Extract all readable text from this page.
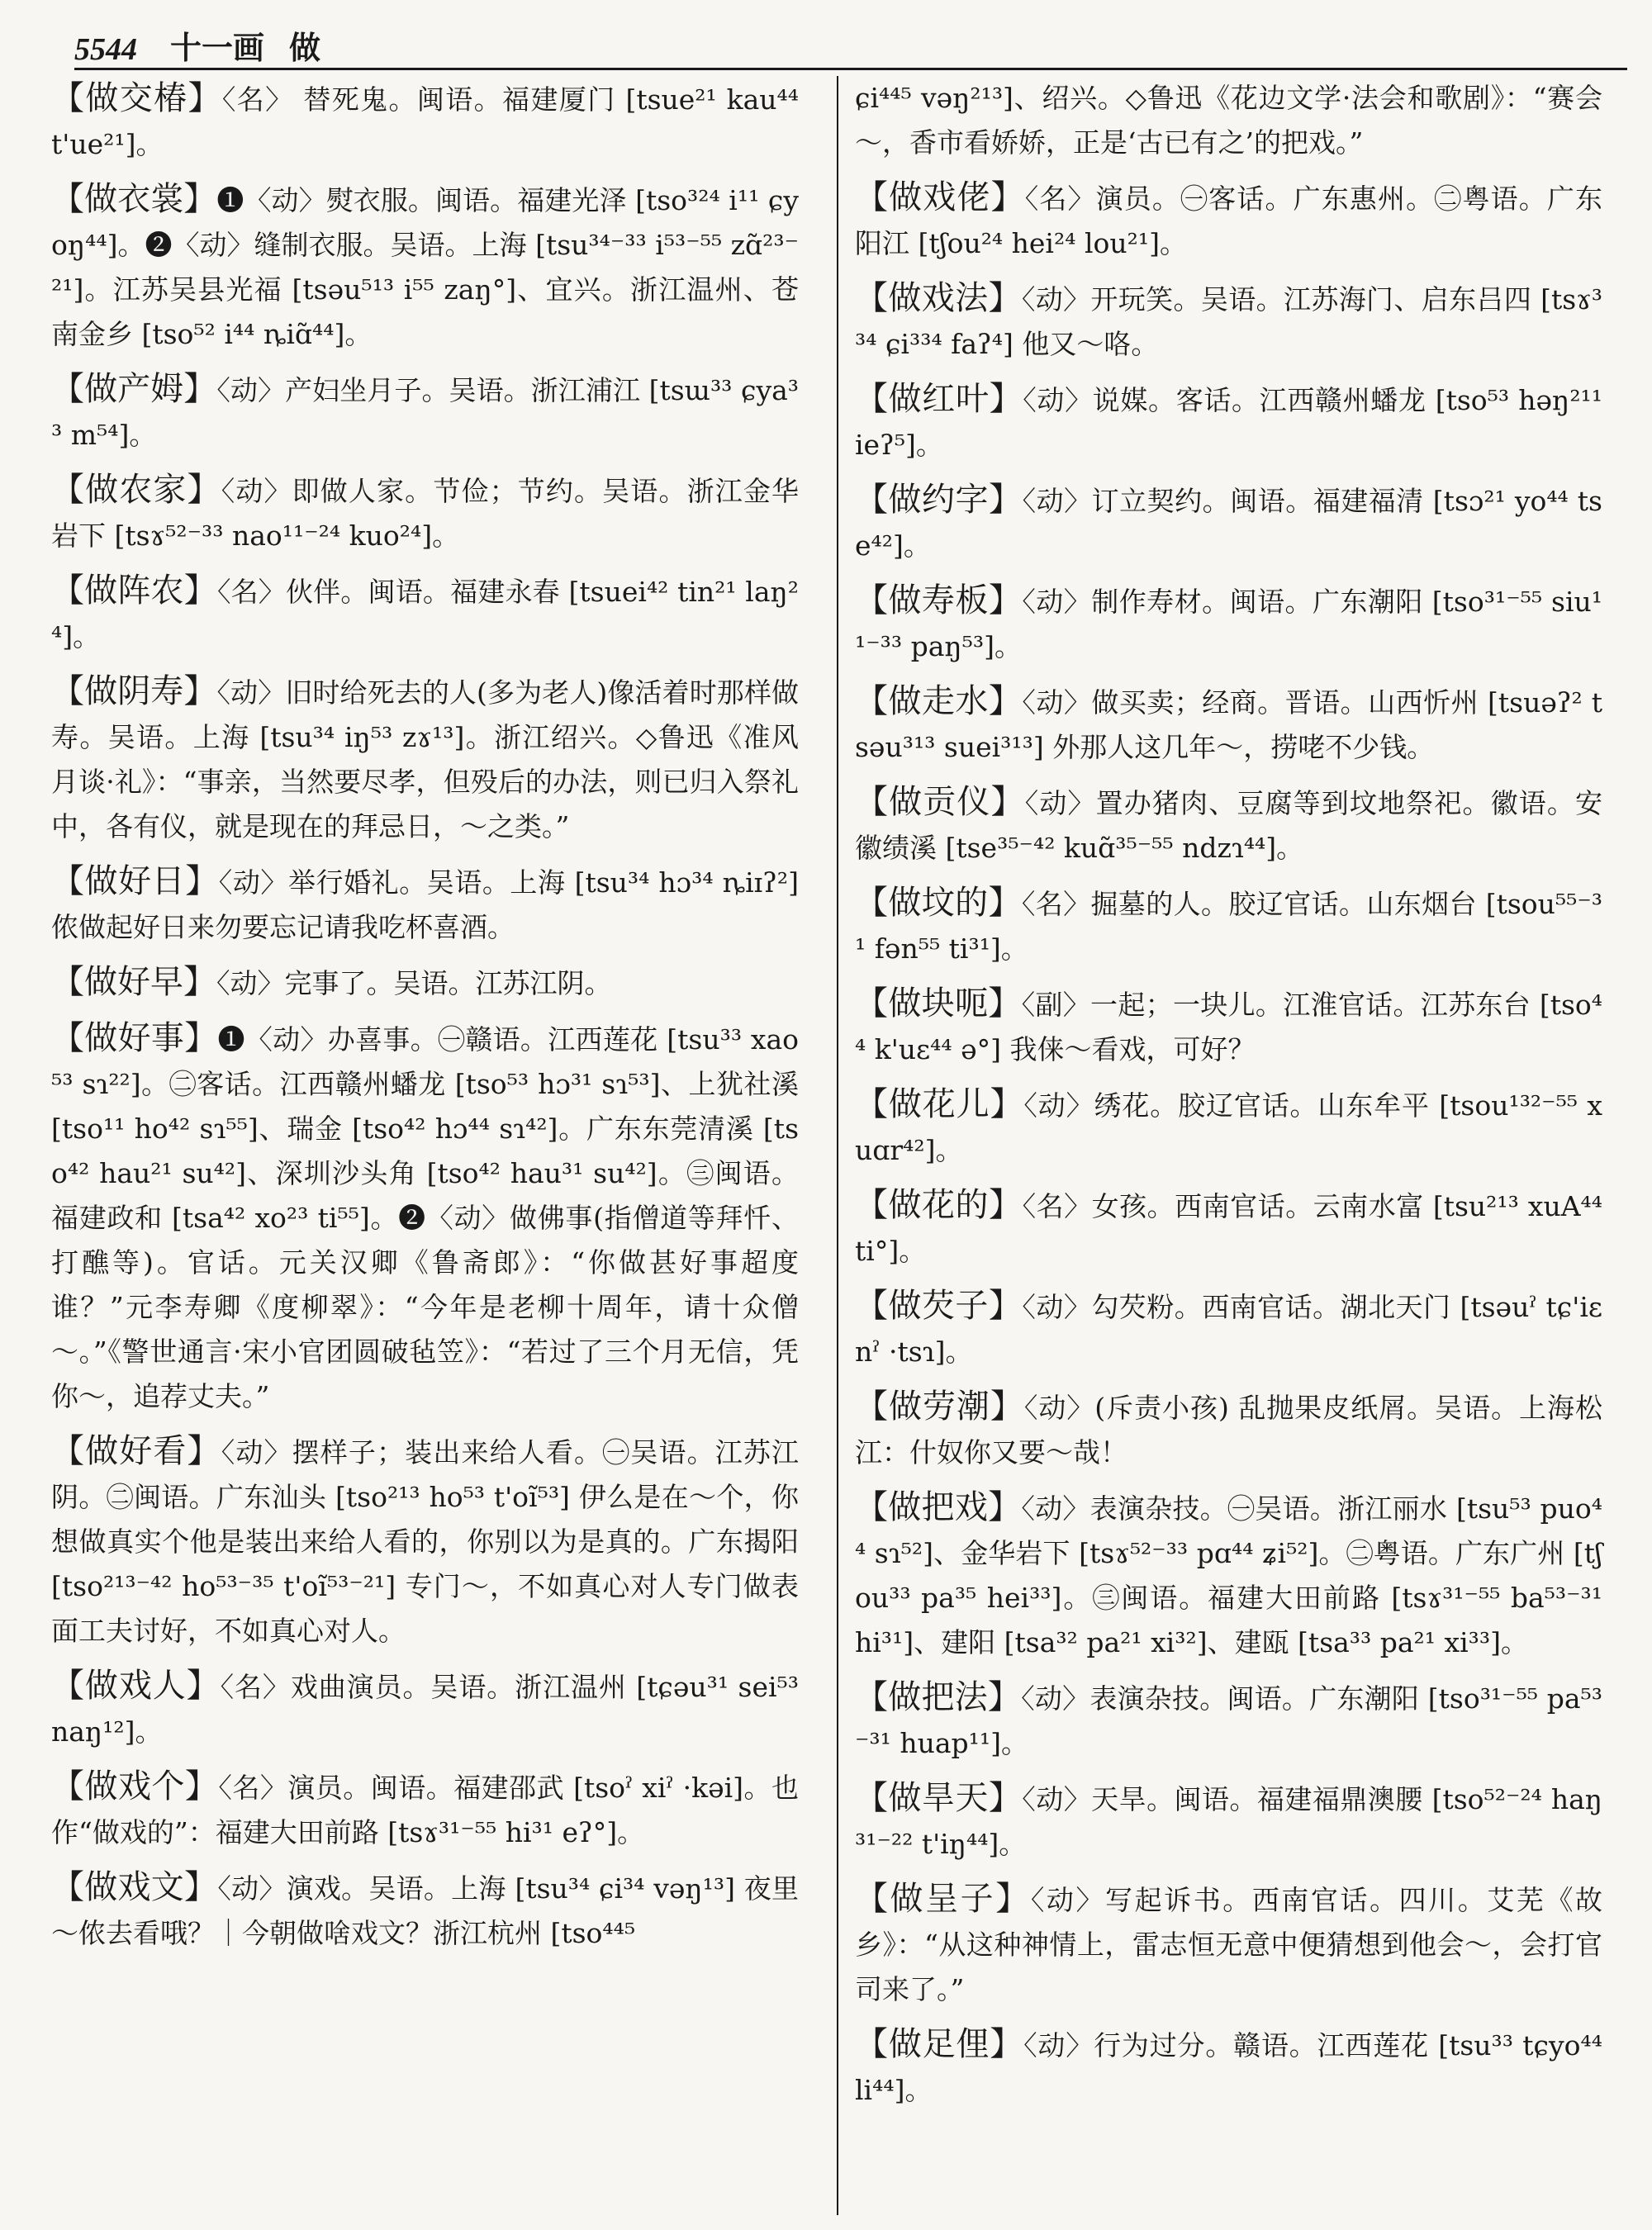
5544 十一画 做

【做交椿】〈名〉 替死鬼。闽语。福建厦门 [tsue²¹ kau⁴⁴ t'ue²¹]。

【做衣裳】❶〈动〉熨衣服。闽语。福建光泽 [tso³²⁴ i¹¹ ɕyoŋ⁴⁴]。❷〈动〉缝制衣服。吴语。上海 [tsu³⁴⁻³³ i⁵³⁻⁵⁵ zɑ̃²³⁻²¹]。江苏吴县光福 [tsəu⁵¹³ i⁵⁵ zaŋ°]、宜兴。浙江温州、苍南金乡 [tso⁵² i⁴⁴ ȵiɑ̃⁴⁴]。

【做产姆】〈动〉产妇坐月子。吴语。浙江浦江 [tsɯ³³ ɕya³³ m⁵⁴]。

【做农家】〈动〉即做人家。节俭；节约。吴语。浙江金华岩下 [tsɤ⁵²⁻³³ nao¹¹⁻²⁴ kuo²⁴]。

【做阵农】〈名〉伙伴。闽语。福建永春 [tsuei⁴² tin²¹ laŋ²⁴]。

【做阴寿】〈动〉旧时给死去的人(多为老人)像活着时那样做寿。吴语。上海 [tsu³⁴ iŋ⁵³ zɤ¹³]。浙江绍兴。◇鲁迅《准风月谈·礼》：“事亲，当然要尽孝，但殁后的办法，则已归入祭礼中，各有仪，就是现在的拜忌日，～之类。”

【做好日】〈动〉举行婚礼。吴语。上海 [tsu³⁴ hɔ³⁴ ȵiɪʔ²] 侬做起好日来勿要忘记请我吃杯喜酒。

【做好早】〈动〉完事了。吴语。江苏江阴。

【做好事】❶〈动〉办喜事。㊀赣语。江西莲花 [tsu³³ xao⁵³ sɿ²²]。㊁客话。江西赣州蟠龙 [tso⁵³ hɔ³¹ sɿ⁵³]、上犹社溪 [tso¹¹ ho⁴² sɿ⁵⁵]、瑞金 [tso⁴² hɔ⁴⁴ sɿ⁴²]。广东东莞清溪 [tso⁴² hau²¹ su⁴²]、深圳沙头角 [tso⁴² hau³¹ su⁴²]。㊂闽语。福建政和 [tsa⁴² xo²³ ti⁵⁵]。❷〈动〉做佛事(指僧道等拜忏、打醮等)。官话。元关汉卿《鲁斋郎》：“你做甚好事超度谁？”元李寿卿《度柳翠》：“今年是老柳十周年，请十众僧～。”《警世通言·宋小官团圆破毡笠》：“若过了三个月无信，凭你～，追荐丈夫。”

【做好看】〈动〉摆样子；装出来给人看。㊀吴语。江苏江阴。㊁闽语。广东汕头 [tso²¹³ ho⁵³ t'oĩ⁵³] 伊么是在～个，你想做真实个他是装出来给人看的，你别以为是真的。广东揭阳 [tso²¹³⁻⁴² ho⁵³⁻³⁵ t'oĩ⁵³⁻²¹] 专门～，不如真心对人专门做表面工夫讨好，不如真心对人。

【做戏人】〈名〉戏曲演员。吴语。浙江温州 [tɕəu³¹ sei⁵³ naŋ¹²]。

【做戏个】〈名〉演员。闽语。福建邵武 [tsoˀ xiˀ ·kəi]。也作“做戏的”：福建大田前路 [tsɤ³¹⁻⁵⁵ hi³¹ eʔ°]。

【做戏文】〈动〉演戏。吴语。上海 [tsu³⁴ ɕi³⁴ vəŋ¹³] 夜里～侬去看哦？｜今朝做啥戏文？浙江杭州 [tso⁴⁴⁵

ɕi⁴⁴⁵ vəŋ²¹³]、绍兴。◇鲁迅《花边文学·法会和歌剧》：“赛会～，香市看娇娇，正是‘古已有之’的把戏。”

【做戏佬】〈名〉演员。㊀客话。广东惠州。㊁粤语。广东阳江 [tʃou²⁴ hei²⁴ lou²¹]。

【做戏法】〈动〉开玩笑。吴语。江苏海门、启东吕四 [tsɤ³³⁴ ɕi³³⁴ faʔ⁴] 他又～咯。

【做红叶】〈动〉说媒。客话。江西赣州蟠龙 [tso⁵³ həŋ²¹¹ ieʔ⁵]。

【做约字】〈动〉订立契约。闽语。福建福清 [tsɔ²¹ yo⁴⁴ tse⁴²]。

【做寿板】〈动〉制作寿材。闽语。广东潮阳 [tso³¹⁻⁵⁵ siu¹¹⁻³³ paŋ⁵³]。

【做走水】〈动〉做买卖；经商。晋语。山西忻州 [tsuəʔ² tsəu³¹³ suei³¹³] 外那人这几年～，捞咾不少钱。

【做贡仪】〈动〉置办猪肉、豆腐等到坟地祭祀。徽语。安徽绩溪 [tse³⁵⁻⁴² kuɑ̃³⁵⁻⁵⁵ ndzɿ⁴⁴]。

【做坟的】〈名〉掘墓的人。胶辽官话。山东烟台 [tsou⁵⁵⁻³¹ fən⁵⁵ ti³¹]。

【做块呃】〈副〉一起；一块儿。江淮官话。江苏东台 [tso⁴⁴ k'uɛ⁴⁴ ə°] 我俫～看戏，可好？

【做花儿】〈动〉绣花。胶辽官话。山东牟平 [tsou¹³²⁻⁵⁵ xuɑr⁴²]。

【做花的】〈名〉女孩。西南官话。云南水富 [tsu²¹³ xuA⁴⁴ ti°]。

【做芡子】〈动〉勾芡粉。西南官话。湖北天门 [tsəuˀ tɕ'iɛnˀ ·tsɿ]。

【做劳潮】〈动〉(斥责小孩) 乱抛果皮纸屑。吴语。上海松江：什奴你又要～哉！

【做把戏】〈动〉表演杂技。㊀吴语。浙江丽水 [tsu⁵³ puo⁴⁴ sɿ⁵²]、金华岩下 [tsɤ⁵²⁻³³ pɑ⁴⁴ ʑi⁵²]。㊁粤语。广东广州 [tʃou³³ pa³⁵ hei³³]。㊂闽语。福建大田前路 [tsɤ³¹⁻⁵⁵ ba⁵³⁻³¹ hi³¹]、建阳 [tsa³² pa²¹ xi³²]、建瓯 [tsa³³ pa²¹ xi³³]。

【做把法】〈动〉表演杂技。闽语。广东潮阳 [tso³¹⁻⁵⁵ pa⁵³⁻³¹ huap¹¹]。

【做旱天】〈动〉天旱。闽语。福建福鼎澳腰 [tso⁵²⁻²⁴ haŋ³¹⁻²² t'iŋ⁴⁴]。

【做呈子】〈动〉写起诉书。西南官话。四川。艾芜《故乡》：“从这种神情上，雷志恒无意中便猜想到他会～，会打官司来了。”

【做足俚】〈动〉行为过分。赣语。江西莲花 [tsu³³ tɕyo⁴⁴ li⁴⁴]。
